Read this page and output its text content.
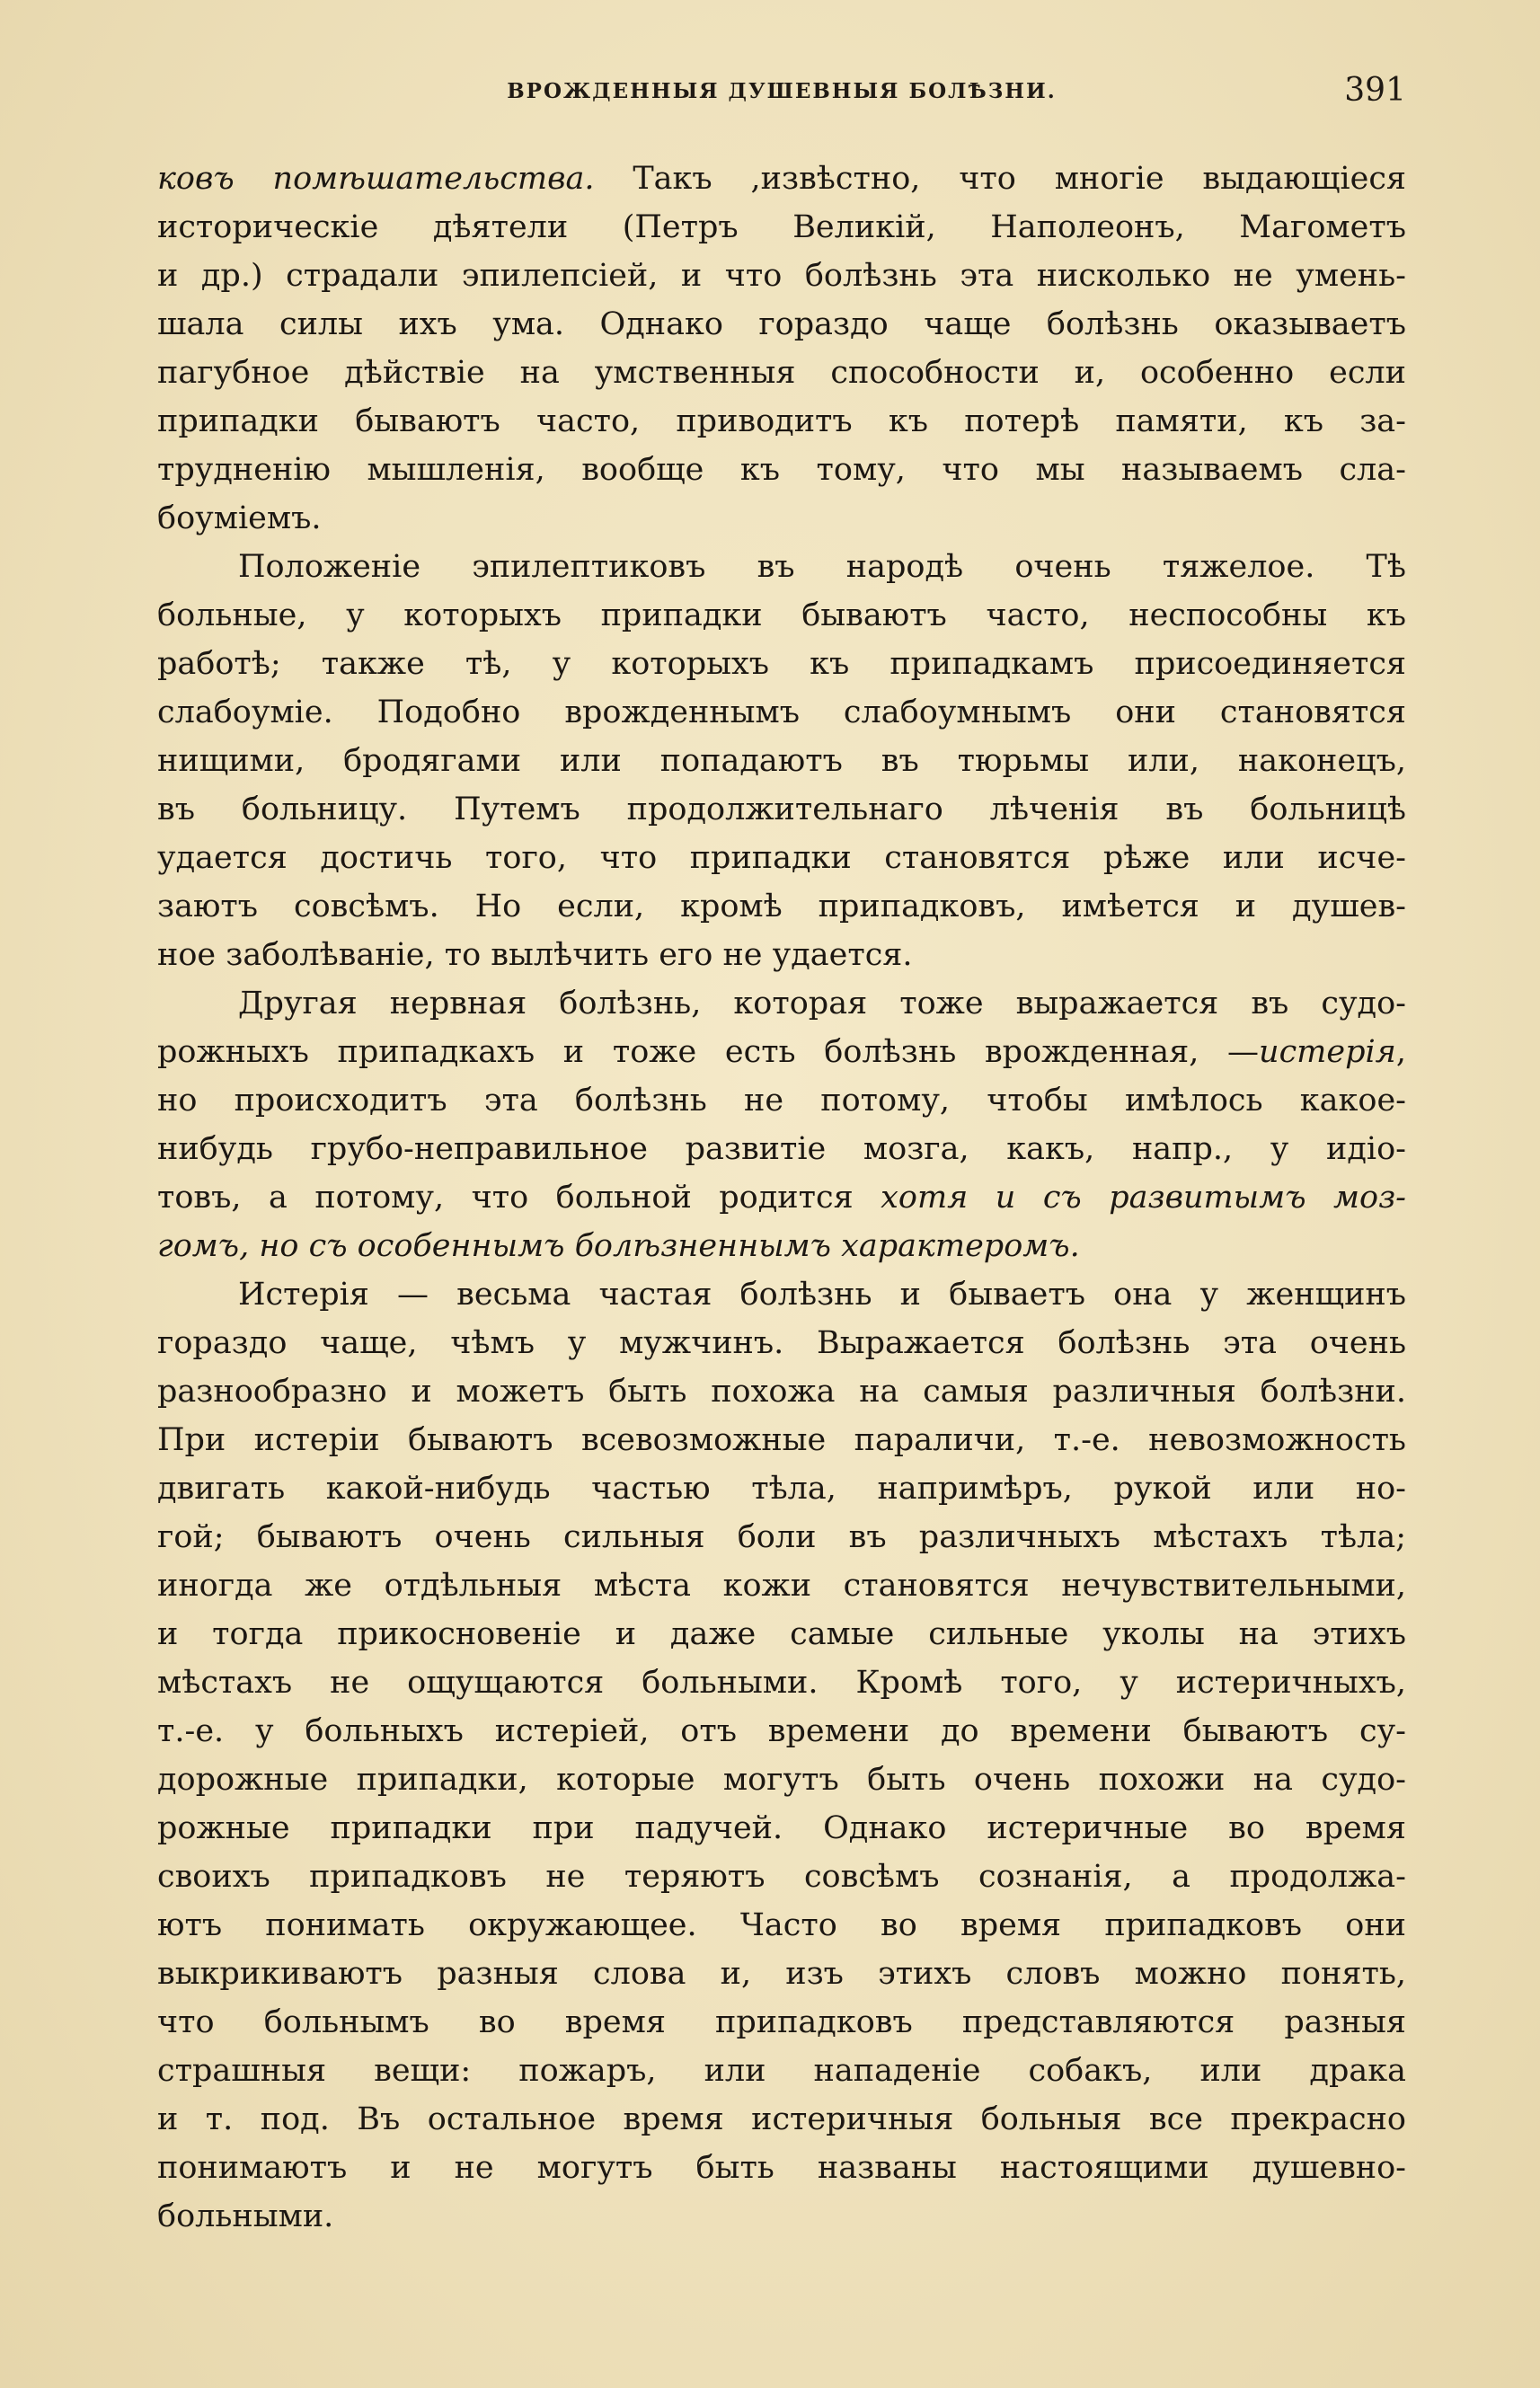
ВРОЖДЕННЫЯ ДУШЕВНЫЯ БОЛѢЗНИ.	391
ковъ помѣшательства. Такъ ,извѣстно, что многіе выдающіеся
историческіе дѣятели (Петръ Великій, Наполеонъ, Магометъ
и др.) страдали эпилепсіей, и что болѣзнь эта нисколько не умень-
шала силы ихъ ума. Однако гораздо чаще болѣзнь оказываетъ
пагубное дѣйствіе на умственныя способности и, особенно если
припадки бываютъ часто, приводитъ къ потерѣ памяти, къ за-
трудненію мышленія, вообще къ тому, что мы называемъ сла-
боуміемъ.
Положеніе эпилептиковъ въ народѣ очень тяжелое. Тѣ
больные, у которыхъ припадки бываютъ часто, неспособны къ
работѣ; также тѣ, у которыхъ къ припадкамъ присоединяется
слабоуміе. Подобно врожденнымъ слабоумнымъ они становятся
нищими, бродягами или попадаютъ въ тюрьмы или, наконецъ,
въ больницу. Путемъ продолжительнаго лѣченія въ больницѣ
удается достичь того, что припадки становятся рѣже или исче-
заютъ совсѣмъ. Но если, кромѣ припадковъ, имѣется и душев-
ное заболѣваніе, то вылѣчить его не удается.
Другая нервная болѣзнь, которая тоже выражается въ судо-
рожныхъ припадкахъ и тоже есть болѣзнь врожденная, —истерія,
но происходитъ эта болѣзнь не потому, чтобы имѣлось какое-
нибудь грубо-неправильное развитіе мозга, какъ, напр., у идіо-
товъ, а потому, что больной родится хотя и съ развитымъ моз-
гомъ, но съ особеннымъ болѣзненнымъ характеромъ.
Истерія — весьма частая болѣзнь и бываетъ она у женщинъ
гораздо чаще, чѣмъ у мужчинъ. Выражается болѣзнь эта очень
разнообразно и можетъ быть похожа на самыя различныя болѣзни.
При истеріи бываютъ всевозможные параличи, т.-е. невозможность
двигать какой-нибудь частью тѣла, напримѣръ, рукой или но-
гой; бываютъ очень сильныя боли въ различныхъ мѣстахъ тѣла;
иногда же отдѣльныя мѣста кожи становятся нечувствительными,
и тогда прикосновеніе и даже самые сильные уколы на этихъ
мѣстахъ не ощущаются больными. Кромѣ того, у истеричныхъ,
т.-е. у больныхъ истеріей, отъ времени до времени бываютъ су-
дорожные припадки, которые могутъ быть очень похожи на судо-
рожные припадки при падучей. Однако истеричные во время
своихъ припадковъ не теряютъ совсѣмъ сознанія, а продолжа-
ютъ понимать окружающее. Часто во время припадковъ они
выкрикиваютъ разныя слова и, изъ этихъ словъ можно понять,
что больнымъ во время припадковъ представляются разныя
страшныя вещи: пожаръ, или нападеніе собакъ, или драка
и т. под. Въ остальное время истеричныя больныя все прекрасно
понимаютъ и не могутъ быть названы настоящими душевно-
больными.
